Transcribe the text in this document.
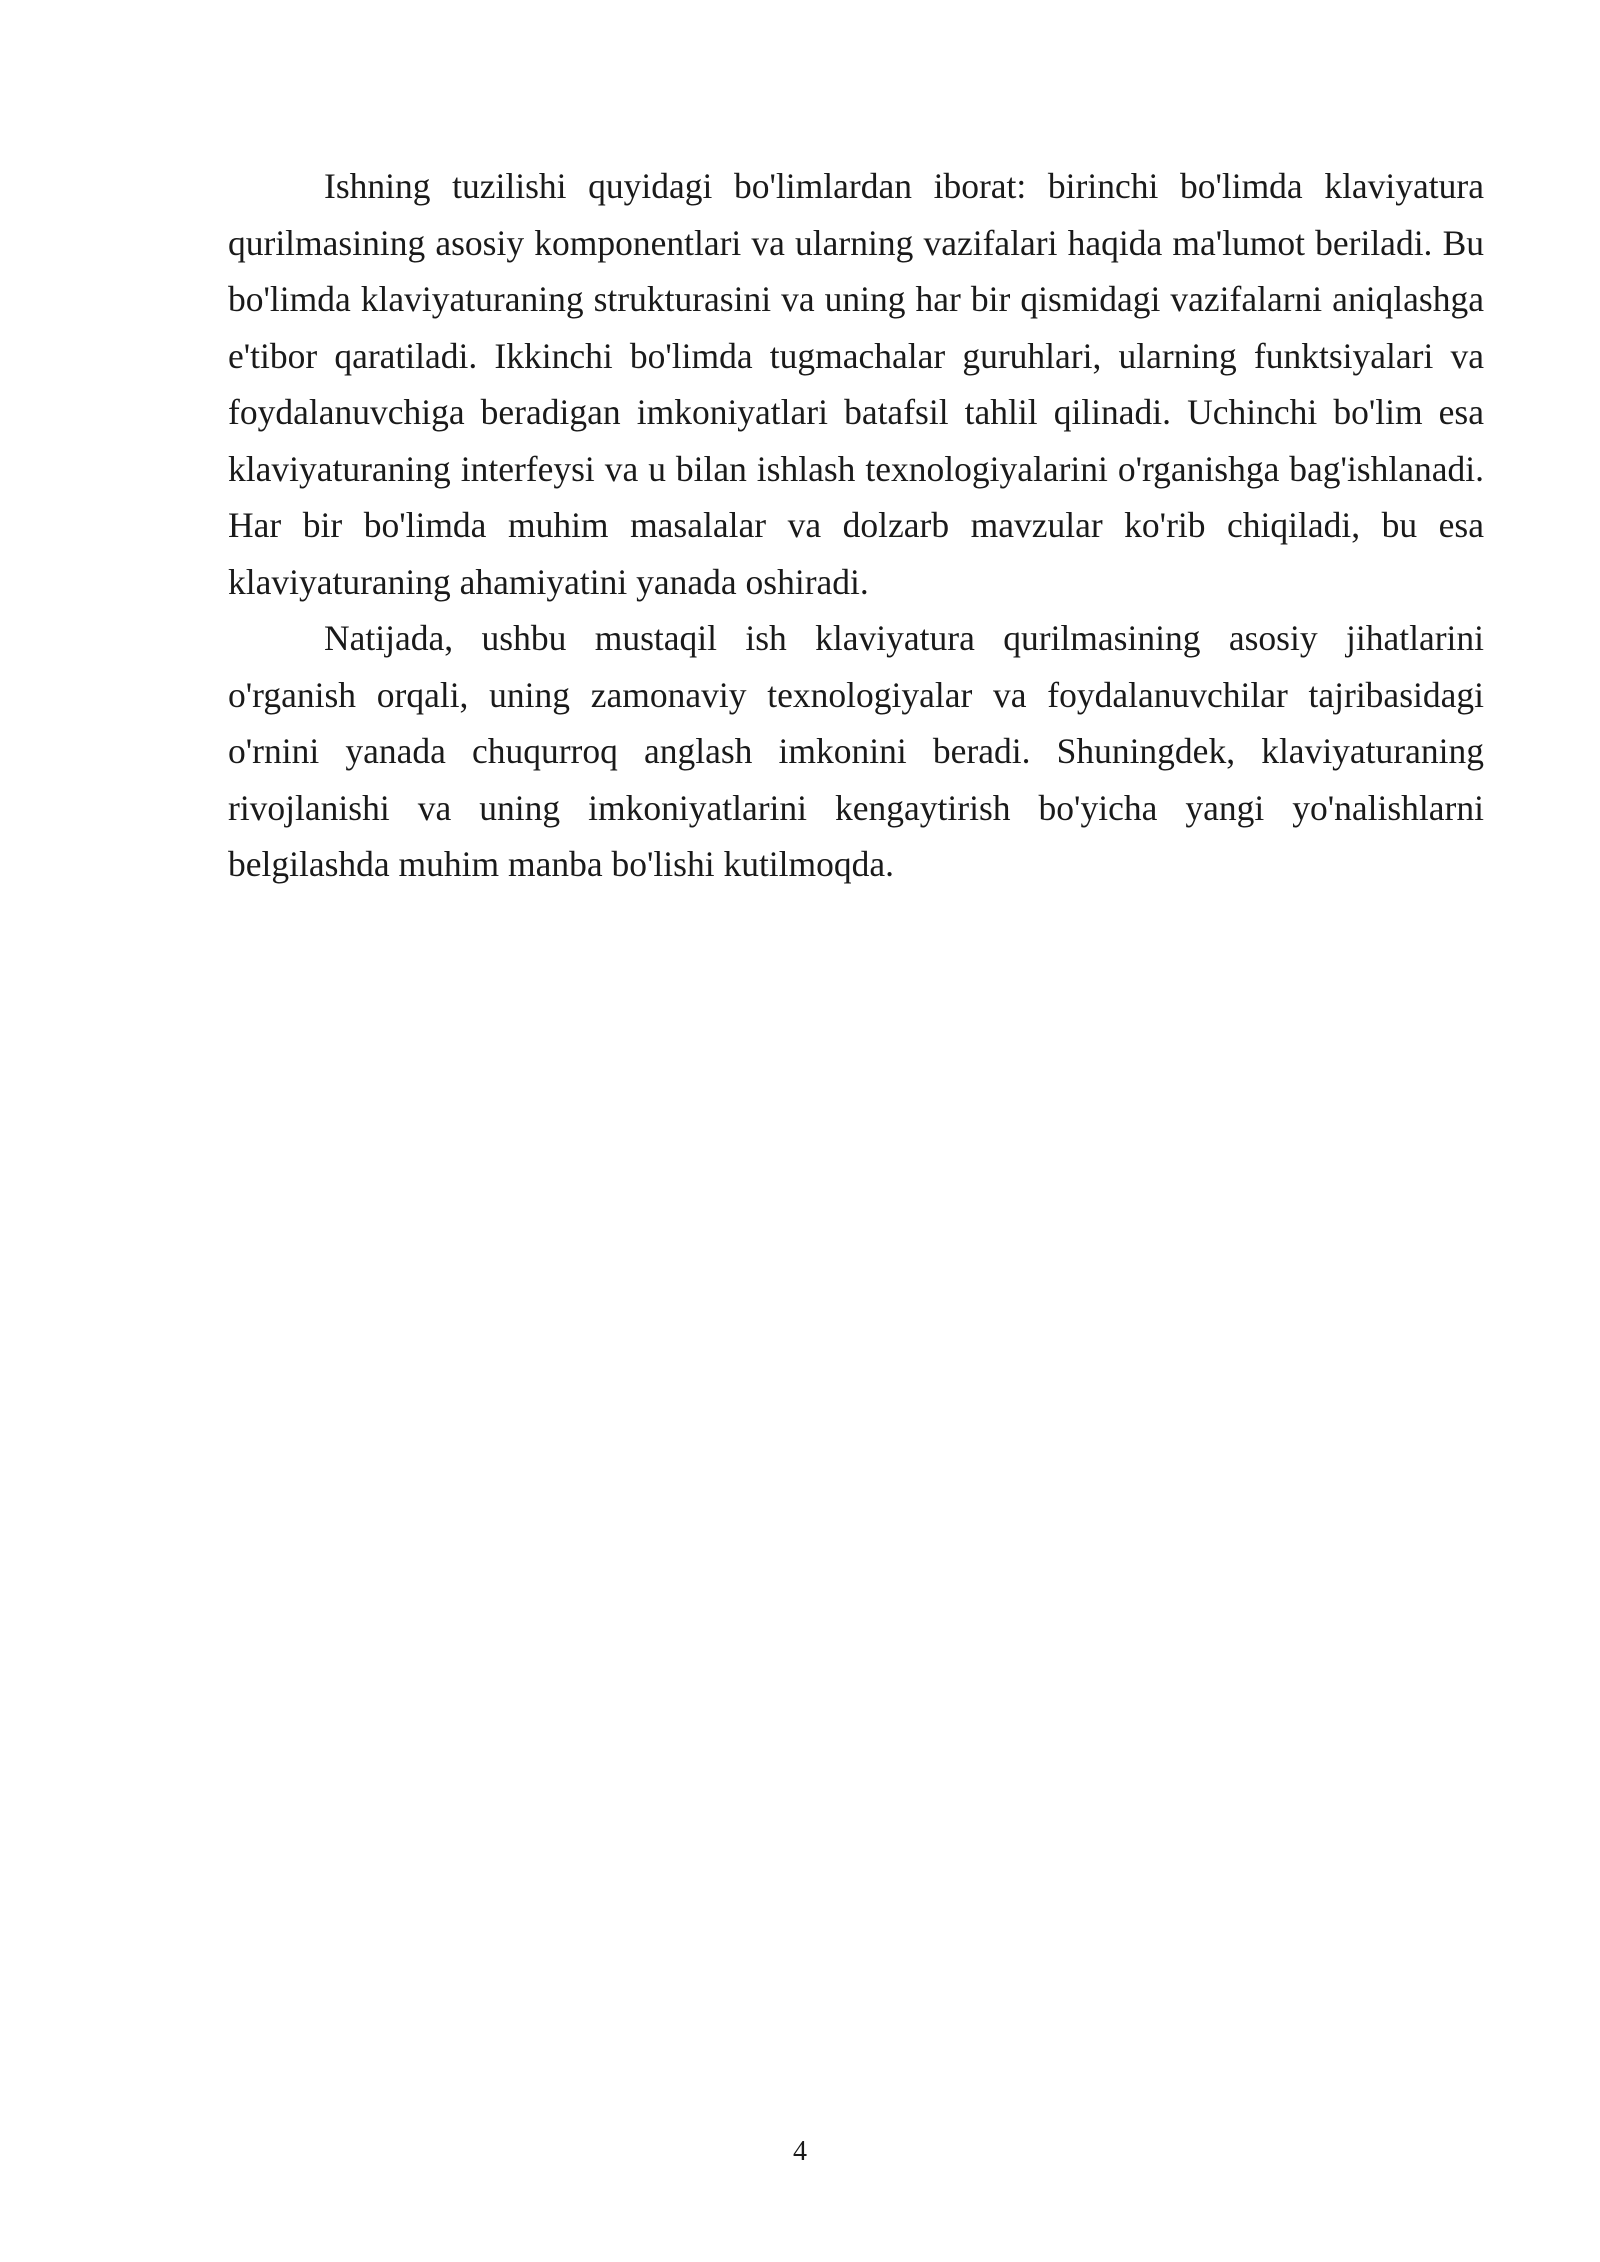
Ishning tuzilishi quyidagi bo'limlardan iborat: birinchi bo'limda klaviyatura qurilmasining asosiy komponentlari va ularning vazifalari haqida ma'lumot beriladi. Bu bo'limda klaviyaturaning strukturasini va uning har bir qismidagi vazifalarni aniqlashga e'tibor qaratiladi. Ikkinchi bo'limda tugmachalar guruhlari, ularning funktsiyalari va foydalanuvchiga beradigan imkoniyatlari batafsil tahlil qilinadi. Uchinchi bo'lim esa klaviyaturaning interfeysi va u bilan ishlash texnologiyalarini o'rganishga bag'ishlanadi. Har bir bo'limda muhim masalalar va dolzarb mavzular ko'rib chiqiladi, bu esa klaviyaturaning ahamiyatini yanada oshiradi.

Natijada, ushbu mustaqil ish klaviyatura qurilmasining asosiy jihatlarini o'rganish orqali, uning zamonaviy texnologiyalar va foydalanuvchilar tajribasidagi o'rnini yanada chuqurroq anglash imkonini beradi. Shuningdek, klaviyaturaning rivojlanishi va uning imkoniyatlarini kengaytirish bo'yicha yangi yo'nalishlarni belgilashda muhim manba bo'lishi kutilmoqda.

4
